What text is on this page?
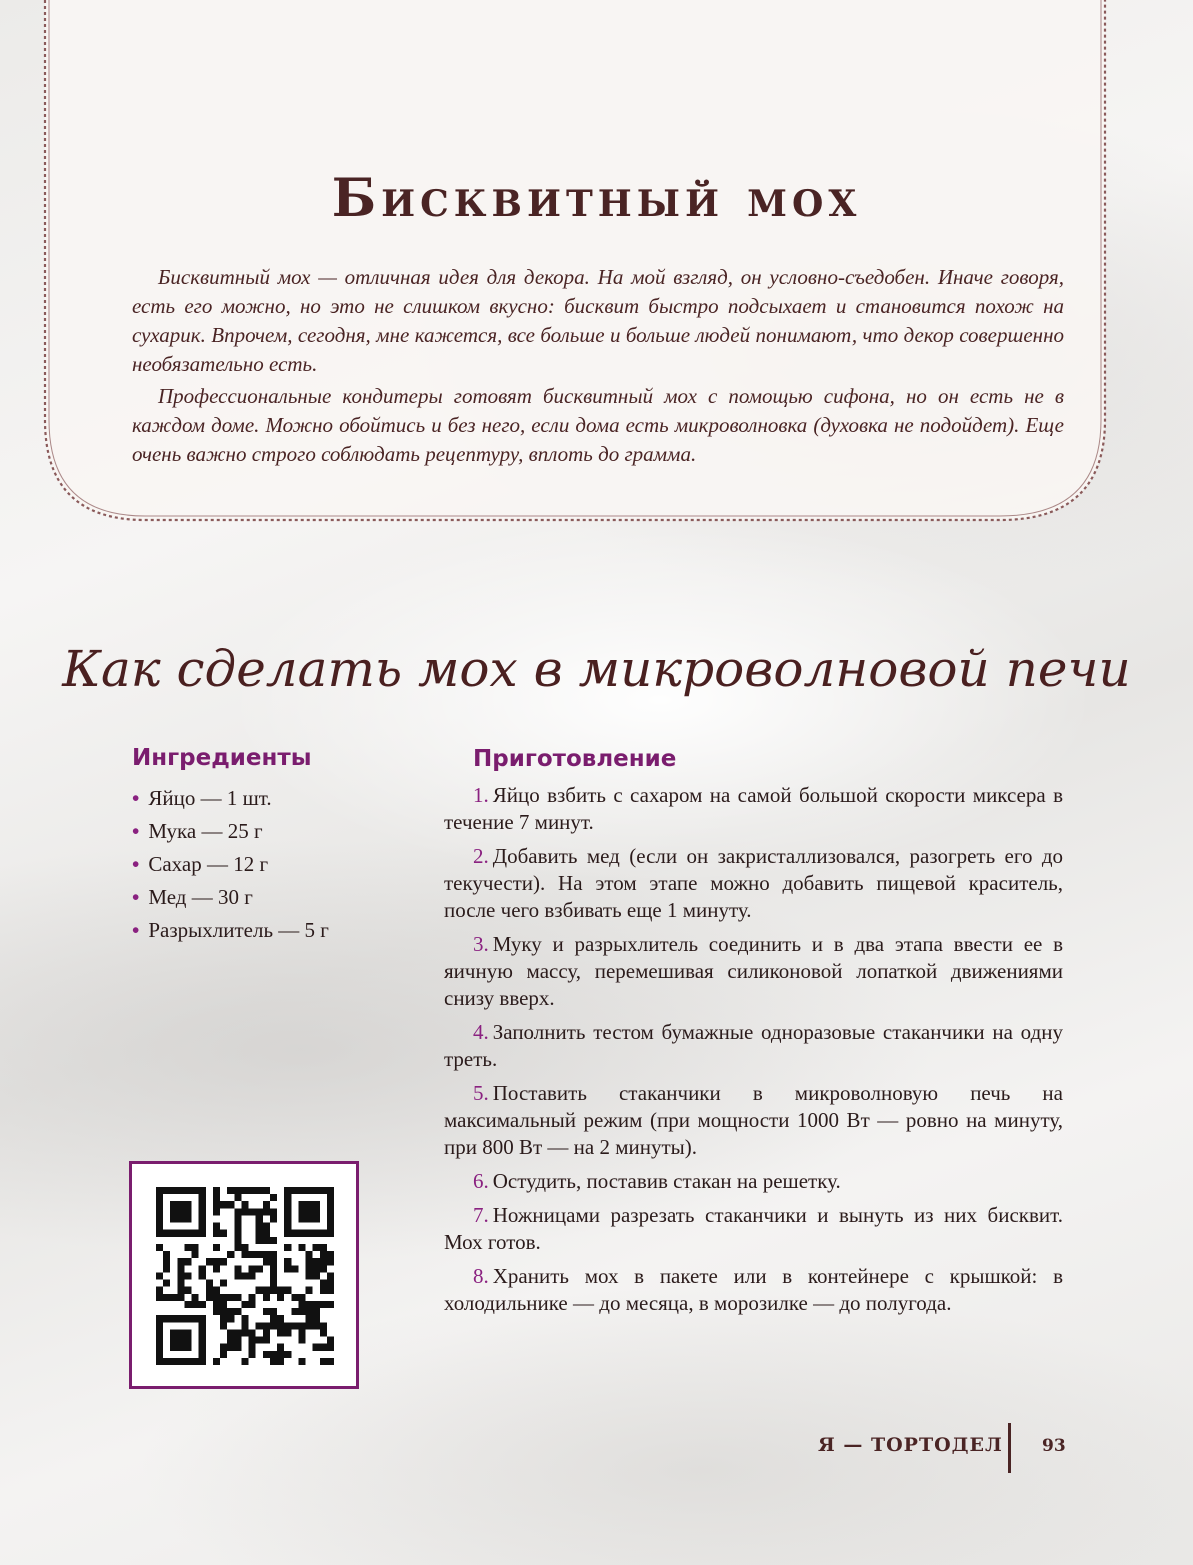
Бисквитный мох

Бисквитный мох — отличная идея для декора. На мой взгляд, он условно-съедобен. Иначе говоря, есть его можно, но это не слишком вкусно: бисквит быстро подсыхает и становится похож на сухарик. Впрочем, сегодня, мне кажется, все больше и больше людей понимают, что декор совершенно необязательно есть.

Профессиональные кондитеры готовят бисквитный мох с помощью сифона, но он есть не в каждом доме. Можно обойтись и без него, если дома есть микроволновка (духовка не подойдет). Еще очень важно строго соблюдать рецептуру, вплоть до грамма.

Как сделать мох в микроволновой печи
Ингредиенты
• Яйцо — 1 шт.
• Мука — 25 г
• Сахар — 12 г
• Мед — 30 г
• Разрыхлитель — 5 г
Приготовление

1. Яйцо взбить с сахаром на самой большой скорости миксера в течение 7 минут.

2. Добавить мед (если он закристаллизовался, разогреть его до текучести). На этом этапе можно добавить пищевой краситель, после чего взбивать еще 1 минуту.

3. Муку и разрыхлитель соединить и в два этапа ввести ее в яичную массу, перемешивая силиконовой лопаткой движениями снизу вверх.

4. Заполнить тестом бумажные одноразовые стаканчики на одну треть.

5. Поставить стаканчики в микроволновую печь на максимальный режим (при мощности 1000 Вт — ровно на минуту, при 800 Вт — на 2 минуты).

6. Остудить, поставив стакан на решетку.

7. Ножницами разрезать стаканчики и вынуть из них бисквит. Мох готов.

8. Хранить мох в пакете или в контейнере с крышкой: в холодильнике — до месяца, в морозилке — до полугода.

Я — ТОРТОДЕЛ 93
